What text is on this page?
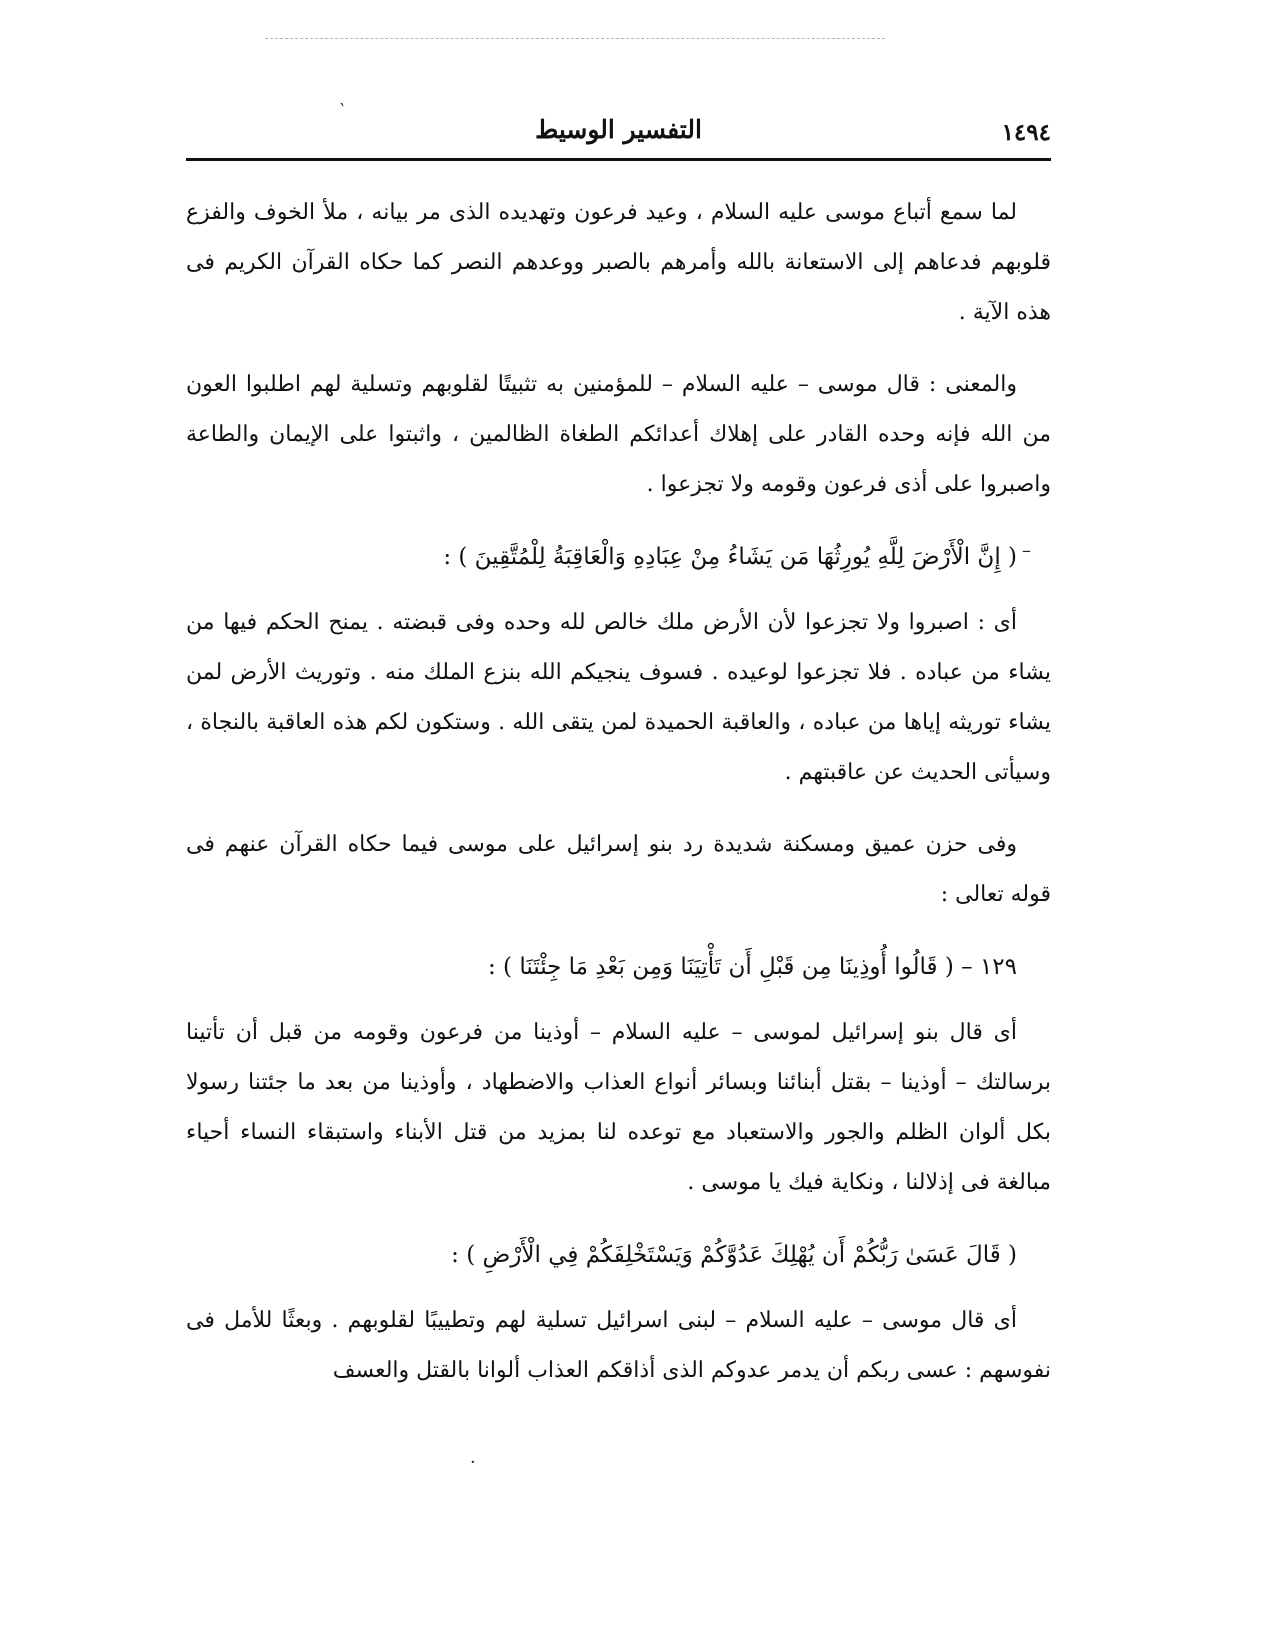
١٤٩٤
التفسير الوسيط
‵
–
·

لما سمع أتباع موسى عليه السلام ، وعيد فرعون وتهديده الذى مر بيانه ، ملأ الخوف والفزع قلوبهم فدعاهم إلى الاستعانة بالله وأمرهم بالصبر ووعدهم النصر كما حكاه القرآن الكريم فى هذه الآية .

والمعنى : قال موسى – عليه السلام – للمؤمنين به تثبيتًا لقلوبهم وتسلية لهم اطلبوا العون من الله فإنه وحده القادر على إهلاك أعدائكم الطغاة الظالمين ، واثبتوا على الإيمان والطاعة واصبروا على أذى فرعون وقومه ولا تجزعوا .

( إِنَّ الْأَرْضَ لِلَّهِ يُورِثُهَا مَن يَشَاءُ مِنْ عِبَادِهِ وَالْعَاقِبَةُ لِلْمُتَّقِينَ ) :

أى : اصبروا ولا تجزعوا لأن الأرض ملك خالص لله وحده وفى قبضته . يمنح الحكم فيها من يشاء من عباده . فلا تجزعوا لوعيده . فسوف ينجيكم الله بنزع الملك منه . وتوريث الأرض لمن يشاء توريثه إياها من عباده ، والعاقبة الحميدة لمن يتقى الله . وستكون لكم هذه العاقبة بالنجاة ، وسيأتى الحديث عن عاقبتهم .

وفى حزن عميق ومسكنة شديدة رد بنو إسرائيل على موسى فيما حكاه القرآن عنهم فى قوله تعالى :

١٢٩ – ( قَالُوا أُوذِينَا مِن قَبْلِ أَن تَأْتِيَنَا وَمِن بَعْدِ مَا جِئْتَنَا ) :

أى قال بنو إسرائيل لموسى – عليه السلام – أوذينا من فرعون وقومه من قبل أن تأتينا برسالتك – أوذينا – بقتل أبنائنا وبسائر أنواع العذاب والاضطهاد ، وأوذينا من بعد ما جئتنا رسولا بكل ألوان الظلم والجور والاستعباد مع توعده لنا بمزيد من قتل الأبناء واستبقاء النساء أحياء مبالغة فى إذلالنا ، ونكاية فيك يا موسى .

( قَالَ عَسَىٰ رَبُّكُمْ أَن يُهْلِكَ عَدُوَّكُمْ وَيَسْتَخْلِفَكُمْ فِي الْأَرْضِ ) :

أى قال موسى – عليه السلام – لبنى اسرائيل تسلية لهم وتطييبًا لقلوبهم . وبعثًا للأمل فى نفوسهم : عسى ربكم أن يدمر عدوكم الذى أذاقكم العذاب ألوانا بالقتل والعسف
